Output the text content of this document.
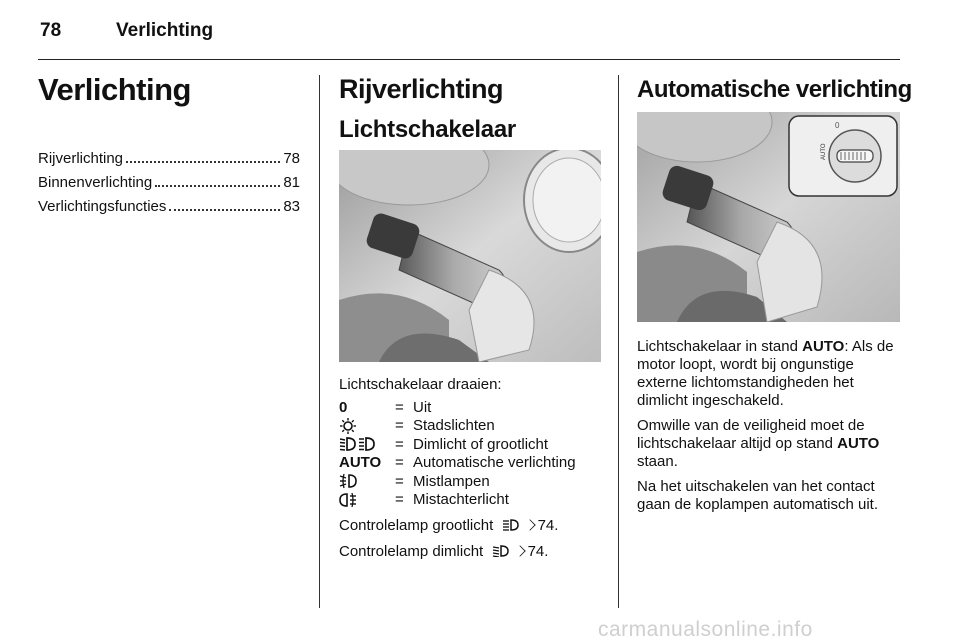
78	Verlichting
Verlichting
Rijverlichting	78
Binnenverlichting	81
Verlichtingsfuncties	83
Rijverlichting
Lichtschakelaar
Lichtschakelaar draaien:
0	= Uit
= Stadslichten
= Dimlicht of grootlicht
AUTO = Automatische verlichting
= Mistlampen
= Mistachterlicht
Controlelamp grootlicht	74.
Controlelamp dimlicht	74.
Automatische verlichting
AUTO
0

Lichtschakelaar in stand AUTO: Als de motor loopt, wordt bij ongunstige externe lichtomstandigheden het dimlicht ingeschakeld.

Omwille van de veiligheid moet de lichtschakelaar altijd op stand AUTO staan.

Na het uitschakelen van het contact gaan de koplampen automatisch uit.

carmanualsonline.info
